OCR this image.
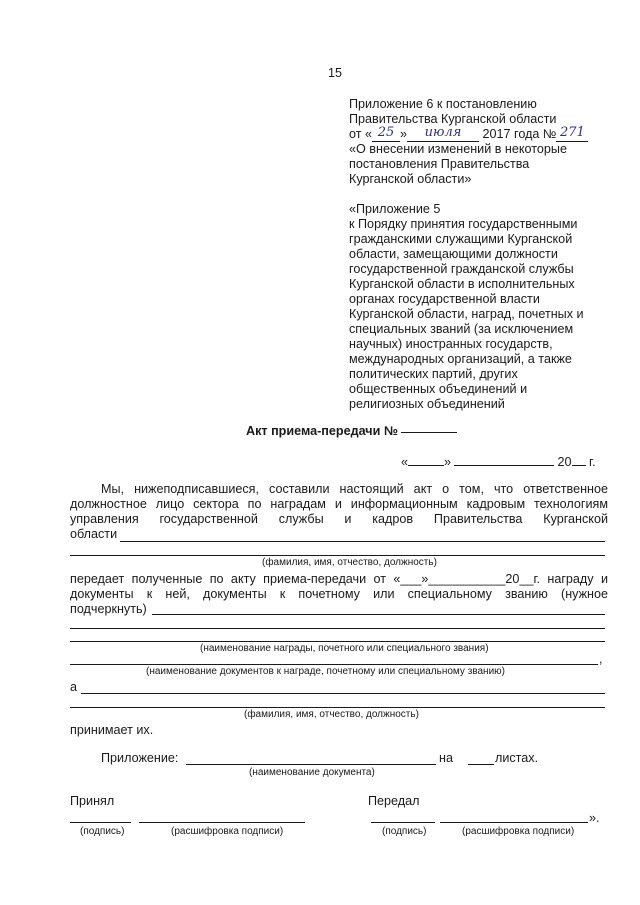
15
Приложение 6 к постановлению
Правительства Курганской области
от « 25 » июля 2017 года № 271
«О внесении изменений в некоторые
постановления Правительства
Курганской области»
«Приложение 5
к Порядку принятия государственными
гражданскими служащими Курганской
области, замещающими должности
государственной гражданской службы
Курганской области в исполнительных
органах государственной власти
Курганской области, наград, почетных и
специальных званий (за исключением
научных) иностранных государств,
международных организаций, а также
политических партий, других
общественных объединений и
религиозных объединений
Акт приема-передачи №
«	»	20 г.
Мы, нижеподписавшиеся, составили настоящий акт о том, что ответственное
должностное лицо сектора по наградам и информационным кадровым технологиям
управления государственной службы и кадров Правительства Курганской
области
(фамилия, имя, отчество, должность)
передает полученные по акту приема-передачи от «___»___________20__г. награду и
документы к ней, документы к почетному или специальному званию (нужное
подчеркнуть)
(наименование награды, почетного или специального звания)
,
(наименование документов к награде, почетному или специальному званию)
а
(фамилия, имя, отчество, должность)
принимает их.
Приложение:	на	листах.
(наименование документа)
Принял	Передал
».
(подпись)	(расшифровка подписи)	(подпись)	(расшифровка подписи)
